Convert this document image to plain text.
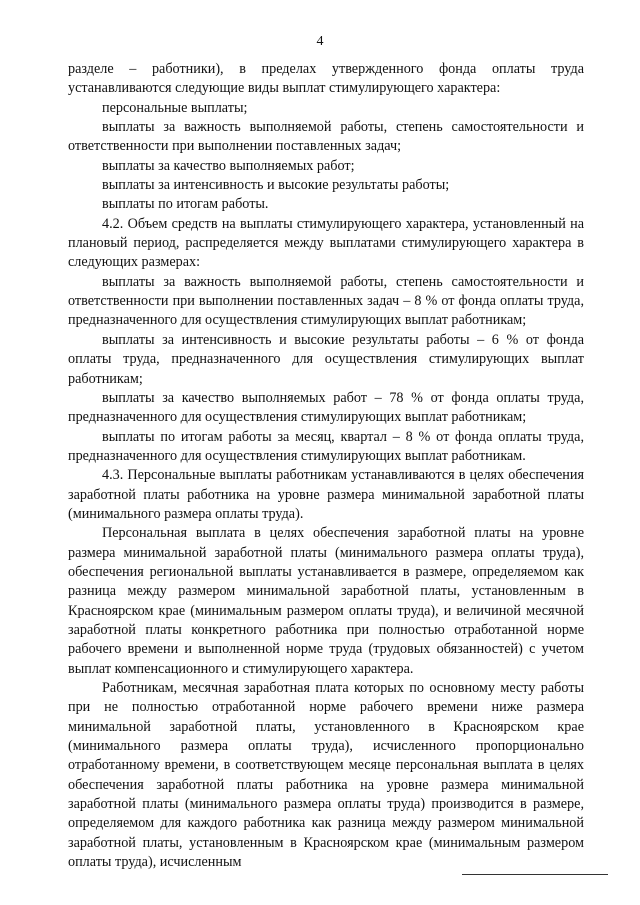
4

разделе – работники), в пределах утвержденного фонда оплаты труда устанавливаются следующие виды выплат стимулирующего характера:

персональные выплаты;

выплаты за важность выполняемой работы, степень самостоятельности и ответственности при выполнении поставленных задач;

выплаты за качество выполняемых работ;

выплаты за интенсивность и высокие результаты работы;

выплаты по итогам работы.

4.2. Объем средств на выплаты стимулирующего характера, установленный на плановый период, распределяется между выплатами стимулирующего характера в следующих размерах:

выплаты за важность выполняемой работы, степень самостоятельности и ответственности при выполнении поставленных задач – 8 % от фонда оплаты труда, предназначенного для осуществления стимулирующих выплат работникам;

выплаты за интенсивность и высокие результаты работы – 6 % от фонда оплаты труда, предназначенного для осуществления стимулирующих выплат работникам;

выплаты за качество выполняемых работ – 78 % от фонда оплаты труда, предназначенного для осуществления стимулирующих выплат работникам;

выплаты по итогам работы за месяц, квартал – 8 % от фонда оплаты труда, предназначенного для осуществления стимулирующих выплат работникам.

4.3. Персональные выплаты работникам устанавливаются в целях обеспечения заработной платы работника на уровне размера минимальной заработной платы (минимального размера оплаты труда).

Персональная выплата в целях обеспечения заработной платы на уровне размера минимальной заработной платы (минимального размера оплаты труда), обеспечения региональной выплаты устанавливается в размере, определяемом как разница между размером минимальной заработной платы, установленным в Красноярском крае (минимальным размером оплаты труда), и величиной месячной заработной платы конкретного работника при полностью отработанной норме рабочего времени и выполненной норме труда (трудовых обязанностей) с учетом выплат компенсационного и стимулирующего характера.

Работникам, месячная заработная плата которых по основному месту работы при не полностью отработанной норме рабочего времени ниже размера минимальной заработной платы, установленного в Красноярском крае (минимального размера оплаты труда), исчисленного пропорционально отработанному времени, в соответствующем месяце персональная выплата в целях обеспечения заработной платы работника на уровне размера минимальной заработной платы (минимального размера оплаты труда) производится в размере, определяемом для каждого работника как разница между размером минимальной заработной платы, установленным в Красноярском крае (минимальным размером оплаты труда), исчисленным
